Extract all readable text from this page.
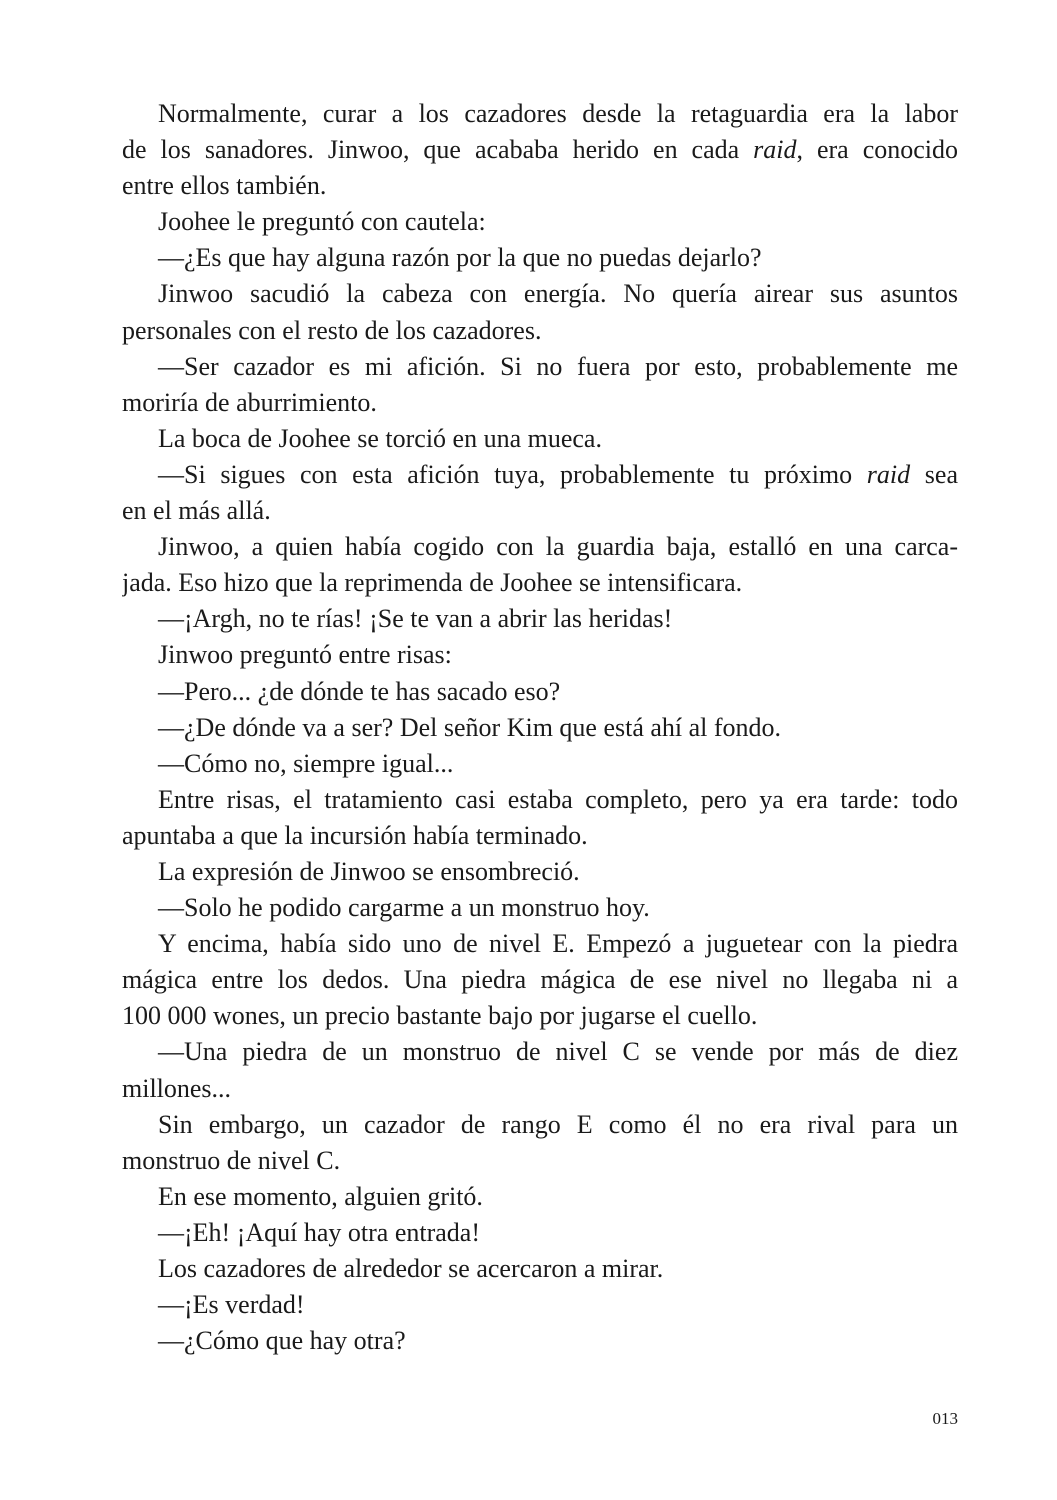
Normalmente, curar a los cazadores desde la retaguardia era la labor
de los sanadores. Jinwoo, que acababa herido en cada raid, era conocido
entre ellos también.
Joohee le preguntó con cautela:
—¿Es que hay alguna razón por la que no puedas dejarlo?
Jinwoo sacudió la cabeza con energía. No quería airear sus asuntos
personales con el resto de los cazadores.
—Ser cazador es mi afición. Si no fuera por esto, probablemente me
moriría de aburrimiento.
La boca de Joohee se torció en una mueca.
—Si sigues con esta afición tuya, probablemente tu próximo raid sea
en el más allá.
Jinwoo, a quien había cogido con la guardia baja, estalló en una carca-
jada. Eso hizo que la reprimenda de Joohee se intensificara.
—¡Argh, no te rías! ¡Se te van a abrir las heridas!
Jinwoo preguntó entre risas:
—Pero... ¿de dónde te has sacado eso?
—¿De dónde va a ser? Del señor Kim que está ahí al fondo.
—Cómo no, siempre igual...
Entre risas, el tratamiento casi estaba completo, pero ya era tarde: todo
apuntaba a que la incursión había terminado.
La expresión de Jinwoo se ensombreció.
—Solo he podido cargarme a un monstruo hoy.
Y encima, había sido uno de nivel E. Empezó a juguetear con la piedra
mágica entre los dedos. Una piedra mágica de ese nivel no llegaba ni a
100 000 wones, un precio bastante bajo por jugarse el cuello.
—Una piedra de un monstruo de nivel C se vende por más de diez
millones...
Sin embargo, un cazador de rango E como él no era rival para un
monstruo de nivel C.
En ese momento, alguien gritó.
—¡Eh! ¡Aquí hay otra entrada!
Los cazadores de alrededor se acercaron a mirar.
—¡Es verdad!
—¿Cómo que hay otra?
013
